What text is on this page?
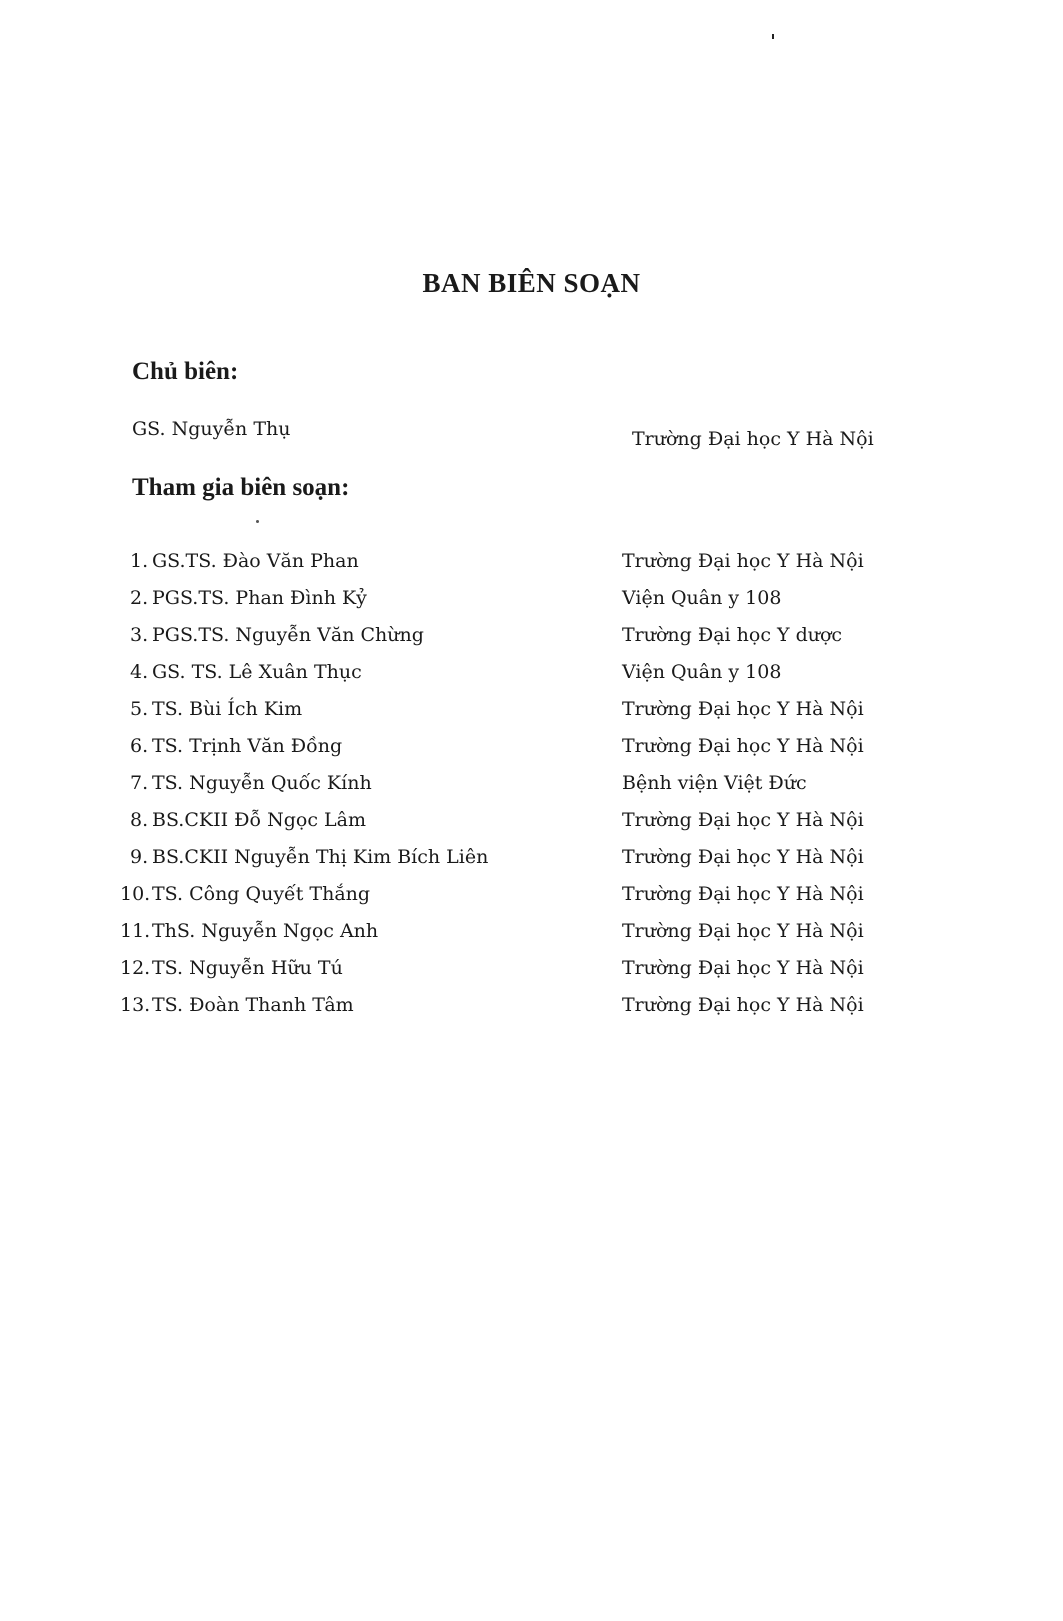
BAN BIÊN SOẠN
Chủ biên:
GS. Nguyễn Thụ	Trường Đại học Y Hà Nội
Tham gia biên soạn:
1. GS.TS. Đào Văn Phan	Trường Đại học Y Hà Nội
2. PGS.TS. Phan Đình Kỷ	Viện Quân y 108
3. PGS.TS. Nguyễn Văn Chừng	Trường Đại học Y dược
4. GS. TS. Lê Xuân Thục	Viện Quân y 108
5. TS. Bùi Ích Kim	Trường Đại học Y Hà Nội
6. TS. Trịnh Văn Đồng	Trường Đại học Y Hà Nội
7. TS. Nguyễn Quốc Kính	Bệnh viện Việt Đức
8. BS.CKII Đỗ Ngọc Lâm	Trường Đại học Y Hà Nội
9. BS.CKII Nguyễn Thị Kim Bích Liên	Trường Đại học Y Hà Nội
10. TS. Công Quyết Thắng	Trường Đại học Y Hà Nội
11. ThS. Nguyễn Ngọc Anh	Trường Đại học Y Hà Nội
12. TS. Nguyễn Hữu Tú	Trường Đại học Y Hà Nội
13. TS. Đoàn Thanh Tâm	Trường Đại học Y Hà Nội
